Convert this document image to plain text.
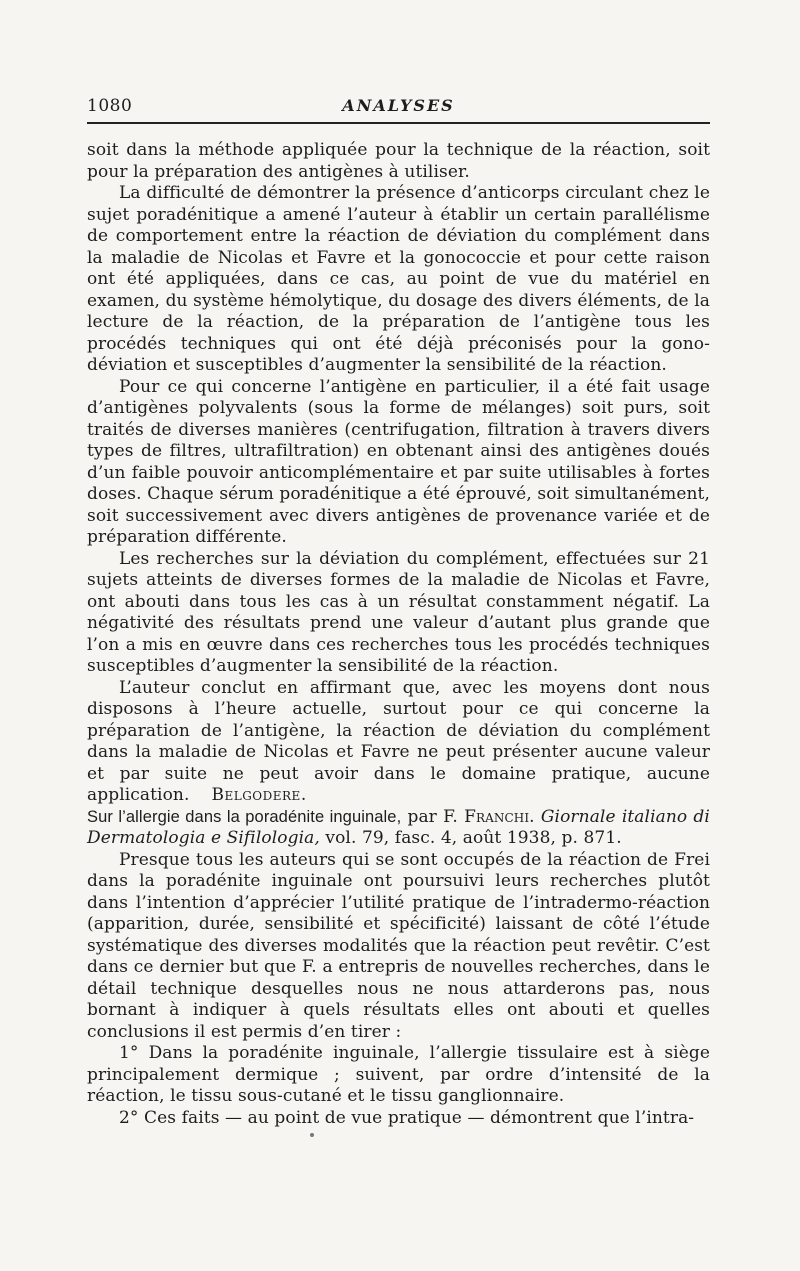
1080	ANALYSES

soit dans la méthode appliquée pour la technique de la réaction, soit pour la préparation des antigènes à utiliser.

La difficulté de démontrer la présence d’anticorps circulant chez le sujet poradénitique a amené l’auteur à établir un certain parallélisme de comportement entre la réaction de déviation du complément dans la maladie de Nicolas et Favre et la gonococcie et pour cette raison ont été appliquées, dans ce cas, au point de vue du matériel en examen, du système hémolytique, du dosage des divers éléments, de la lecture de la réaction, de la préparation de l’antigène tous les procédés techniques qui ont été déjà préconisés pour la gono-déviation et susceptibles d’augmenter la sensibilité de la réaction.

Pour ce qui concerne l’antigène en particulier, il a été fait usage d’antigènes polyvalents (sous la forme de mélanges) soit purs, soit traités de diverses manières (centrifugation, filtration à travers divers types de filtres, ultrafiltration) en obtenant ainsi des antigènes doués d’un faible pouvoir anticomplémentaire et par suite utilisables à fortes doses. Chaque sérum poradénitique a été éprouvé, soit simultanément, soit successivement avec divers antigènes de provenance variée et de préparation différente.

Les recherches sur la déviation du complément, effectuées sur 21 sujets atteints de diverses formes de la maladie de Nicolas et Favre, ont abouti dans tous les cas à un résultat constamment négatif. La négativité des résultats prend une valeur d’autant plus grande que l’on a mis en œuvre dans ces recherches tous les procédés techniques susceptibles d’augmenter la sensibilité de la réaction.

L’auteur conclut en affirmant que, avec les moyens dont nous disposons à l’heure actuelle, surtout pour ce qui concerne la préparation de l’antigène, la réaction de déviation du complément dans la maladie de Nicolas et Favre ne peut présenter aucune valeur et par suite ne peut avoir dans le domaine pratique, aucune application. Belgodere.

Sur l’allergie dans la poradénite inguinale, par F. Franchi. Giornale italiano di Dermatologia e Sifilologia, vol. 79, fasc. 4, août 1938, p. 871.

Presque tous les auteurs qui se sont occupés de la réaction de Frei dans la poradénite inguinale ont poursuivi leurs recherches plutôt dans l’intention d’apprécier l’utilité pratique de l’intradermo-réaction (apparition, durée, sensibilité et spécificité) laissant de côté l’étude systématique des diverses modalités que la réaction peut revêtir. C’est dans ce dernier but que F. a entrepris de nouvelles recherches, dans le détail technique desquelles nous ne nous attarderons pas, nous bornant à indiquer à quels résultats elles ont abouti et quelles conclusions il est permis d’en tirer :

1° Dans la poradénite inguinale, l’allergie tissulaire est à siège principalement dermique ; suivent, par ordre d’intensité de la réaction, le tissu sous-cutané et le tissu ganglionnaire.

2° Ces faits — au point de vue pratique — démontrent que l’intra-
